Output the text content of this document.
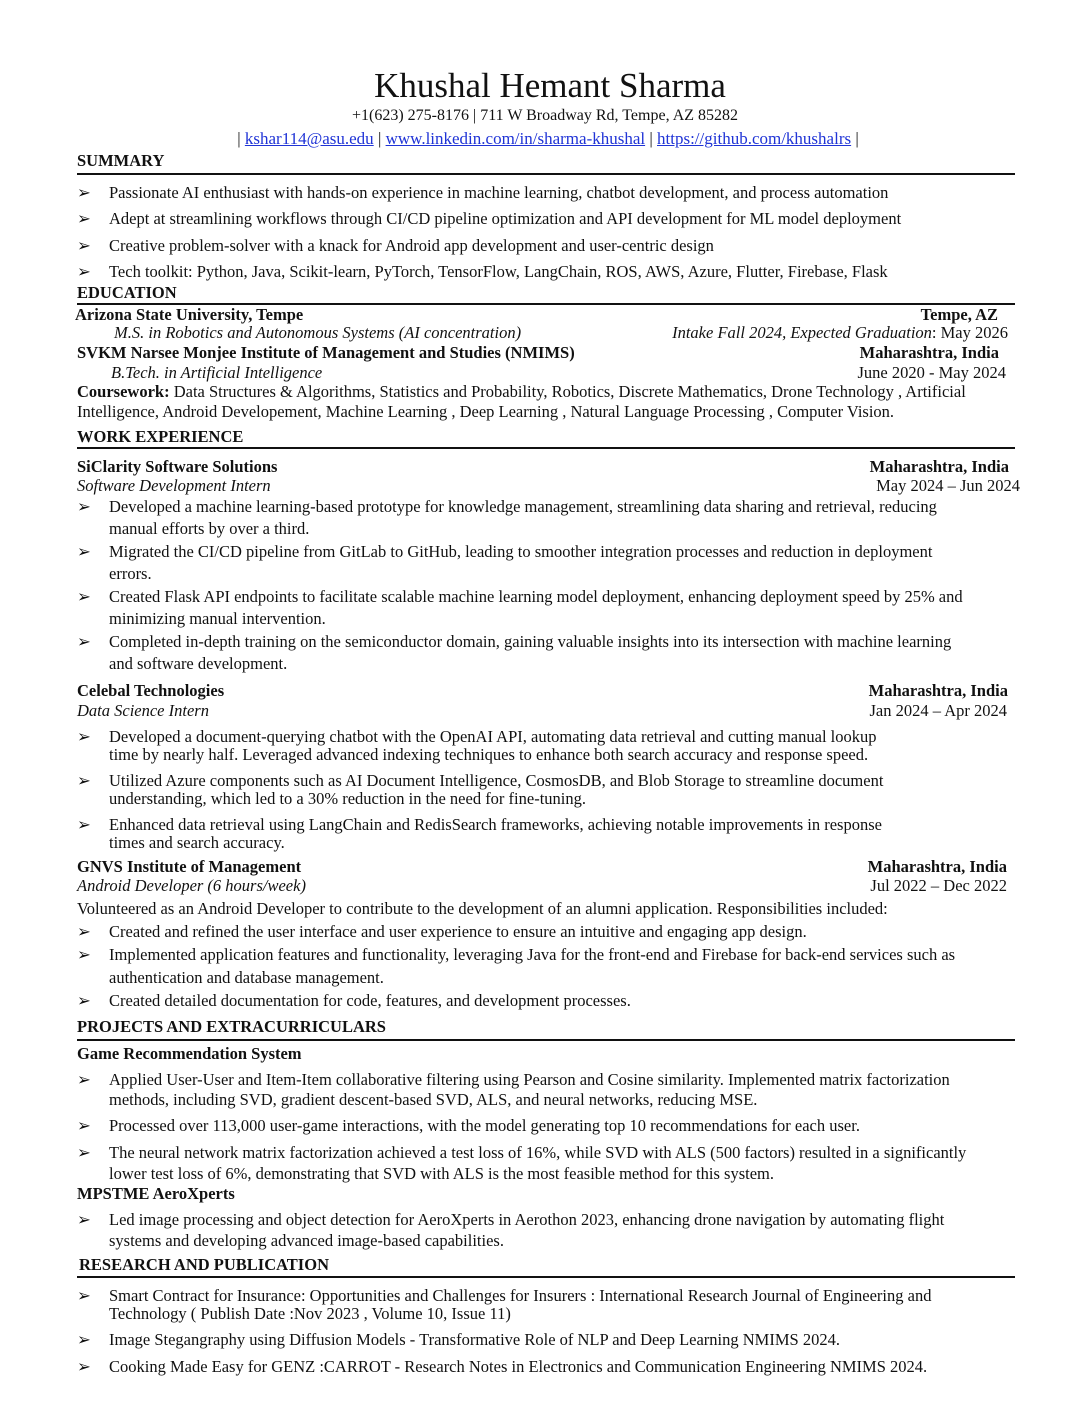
Khushal Hemant Sharma
+1(623) 275-8176 | 711 W Broadway Rd, Tempe, AZ 85282
| kshar114@asu.edu | www.linkedin.com/in/sharma-khushal | https://github.com/khushalrs |
SUMMARY
➢	Passionate AI enthusiast with hands-on experience in machine learning, chatbot development, and process automation
➢	Adept at streamlining workflows through CI/CD pipeline optimization and API development for ML model deployment
➢	Creative problem-solver with a knack for Android app development and user-centric design
➢	Tech toolkit: Python, Java, Scikit-learn, PyTorch, TensorFlow, LangChain, ROS, AWS, Azure, Flutter, Firebase, Flask
EDUCATION
Arizona State University, Tempe	Tempe, AZ
M.S. in Robotics and Autonomous Systems (AI concentration)	Intake Fall 2024, Expected Graduation: May 2026
SVKM Narsee Monjee Institute of Management and Studies (NMIMS)	Maharashtra, India
B.Tech. in Artificial Intelligence	June 2020 - May 2024
Coursework: Data Structures & Algorithms, Statistics and Probability, Robotics, Discrete Mathematics, Drone Technology , Artificial
Intelligence, Android Developement, Machine Learning , Deep Learning , Natural Language Processing , Computer Vision.
WORK EXPERIENCE
SiClarity Software Solutions	Maharashtra, India
Software Development Intern	May 2024 – Jun 2024
➢	Developed a machine learning-based prototype for knowledge management, streamlining data sharing and retrieval, reducing
manual efforts by over a third.
➢	Migrated the CI/CD pipeline from GitLab to GitHub, leading to smoother integration processes and reduction in deployment
errors.
➢	Created Flask API endpoints to facilitate scalable machine learning model deployment, enhancing deployment speed by 25% and
minimizing manual intervention.
➢	Completed in-depth training on the semiconductor domain, gaining valuable insights into its intersection with machine learning
and software development.
Celebal Technologies	Maharashtra, India
Data Science Intern	Jan 2024 – Apr 2024
➢	Developed a document-querying chatbot with the OpenAI API, automating data retrieval and cutting manual lookup
time by nearly half. Leveraged advanced indexing techniques to enhance both search accuracy and response speed.
➢	Utilized Azure components such as AI Document Intelligence, CosmosDB, and Blob Storage to streamline document
understanding, which led to a 30% reduction in the need for fine-tuning.
➢	Enhanced data retrieval using LangChain and RedisSearch frameworks, achieving notable improvements in response
times and search accuracy.
GNVS Institute of Management	Maharashtra, India
Android Developer (6 hours/week)	Jul 2022 – Dec 2022
Volunteered as an Android Developer to contribute to the development of an alumni application. Responsibilities included:
➢	Created and refined the user interface and user experience to ensure an intuitive and engaging app design.
➢	Implemented application features and functionality, leveraging Java for the front-end and Firebase for back-end services such as
authentication and database management.
➢	Created detailed documentation for code, features, and development processes.
PROJECTS AND EXTRACURRICULARS
Game Recommendation System
➢	Applied User-User and Item-Item collaborative filtering using Pearson and Cosine similarity. Implemented matrix factorization
methods, including SVD, gradient descent-based SVD, ALS, and neural networks, reducing MSE.
➢	Processed over 113,000 user-game interactions, with the model generating top 10 recommendations for each user.
➢	The neural network matrix factorization achieved a test loss of 16%, while SVD with ALS (500 factors) resulted in a significantly
lower test loss of 6%, demonstrating that SVD with ALS is the most feasible method for this system.
MPSTME AeroXperts
➢	Led image processing and object detection for AeroXperts in Aerothon 2023, enhancing drone navigation by automating flight
systems and developing advanced image-based capabilities.
RESEARCH AND PUBLICATION
➢	Smart Contract for Insurance: Opportunities and Challenges for Insurers : International Research Journal of Engineering and
Technology ( Publish Date :Nov 2023 , Volume 10, Issue 11)
➢	Image Stegangraphy using Diffusion Models - Transformative Role of NLP and Deep Learning NMIMS 2024.
➢	Cooking Made Easy for GENZ :CARROT - Research Notes in Electronics and Communication Engineering NMIMS 2024.
